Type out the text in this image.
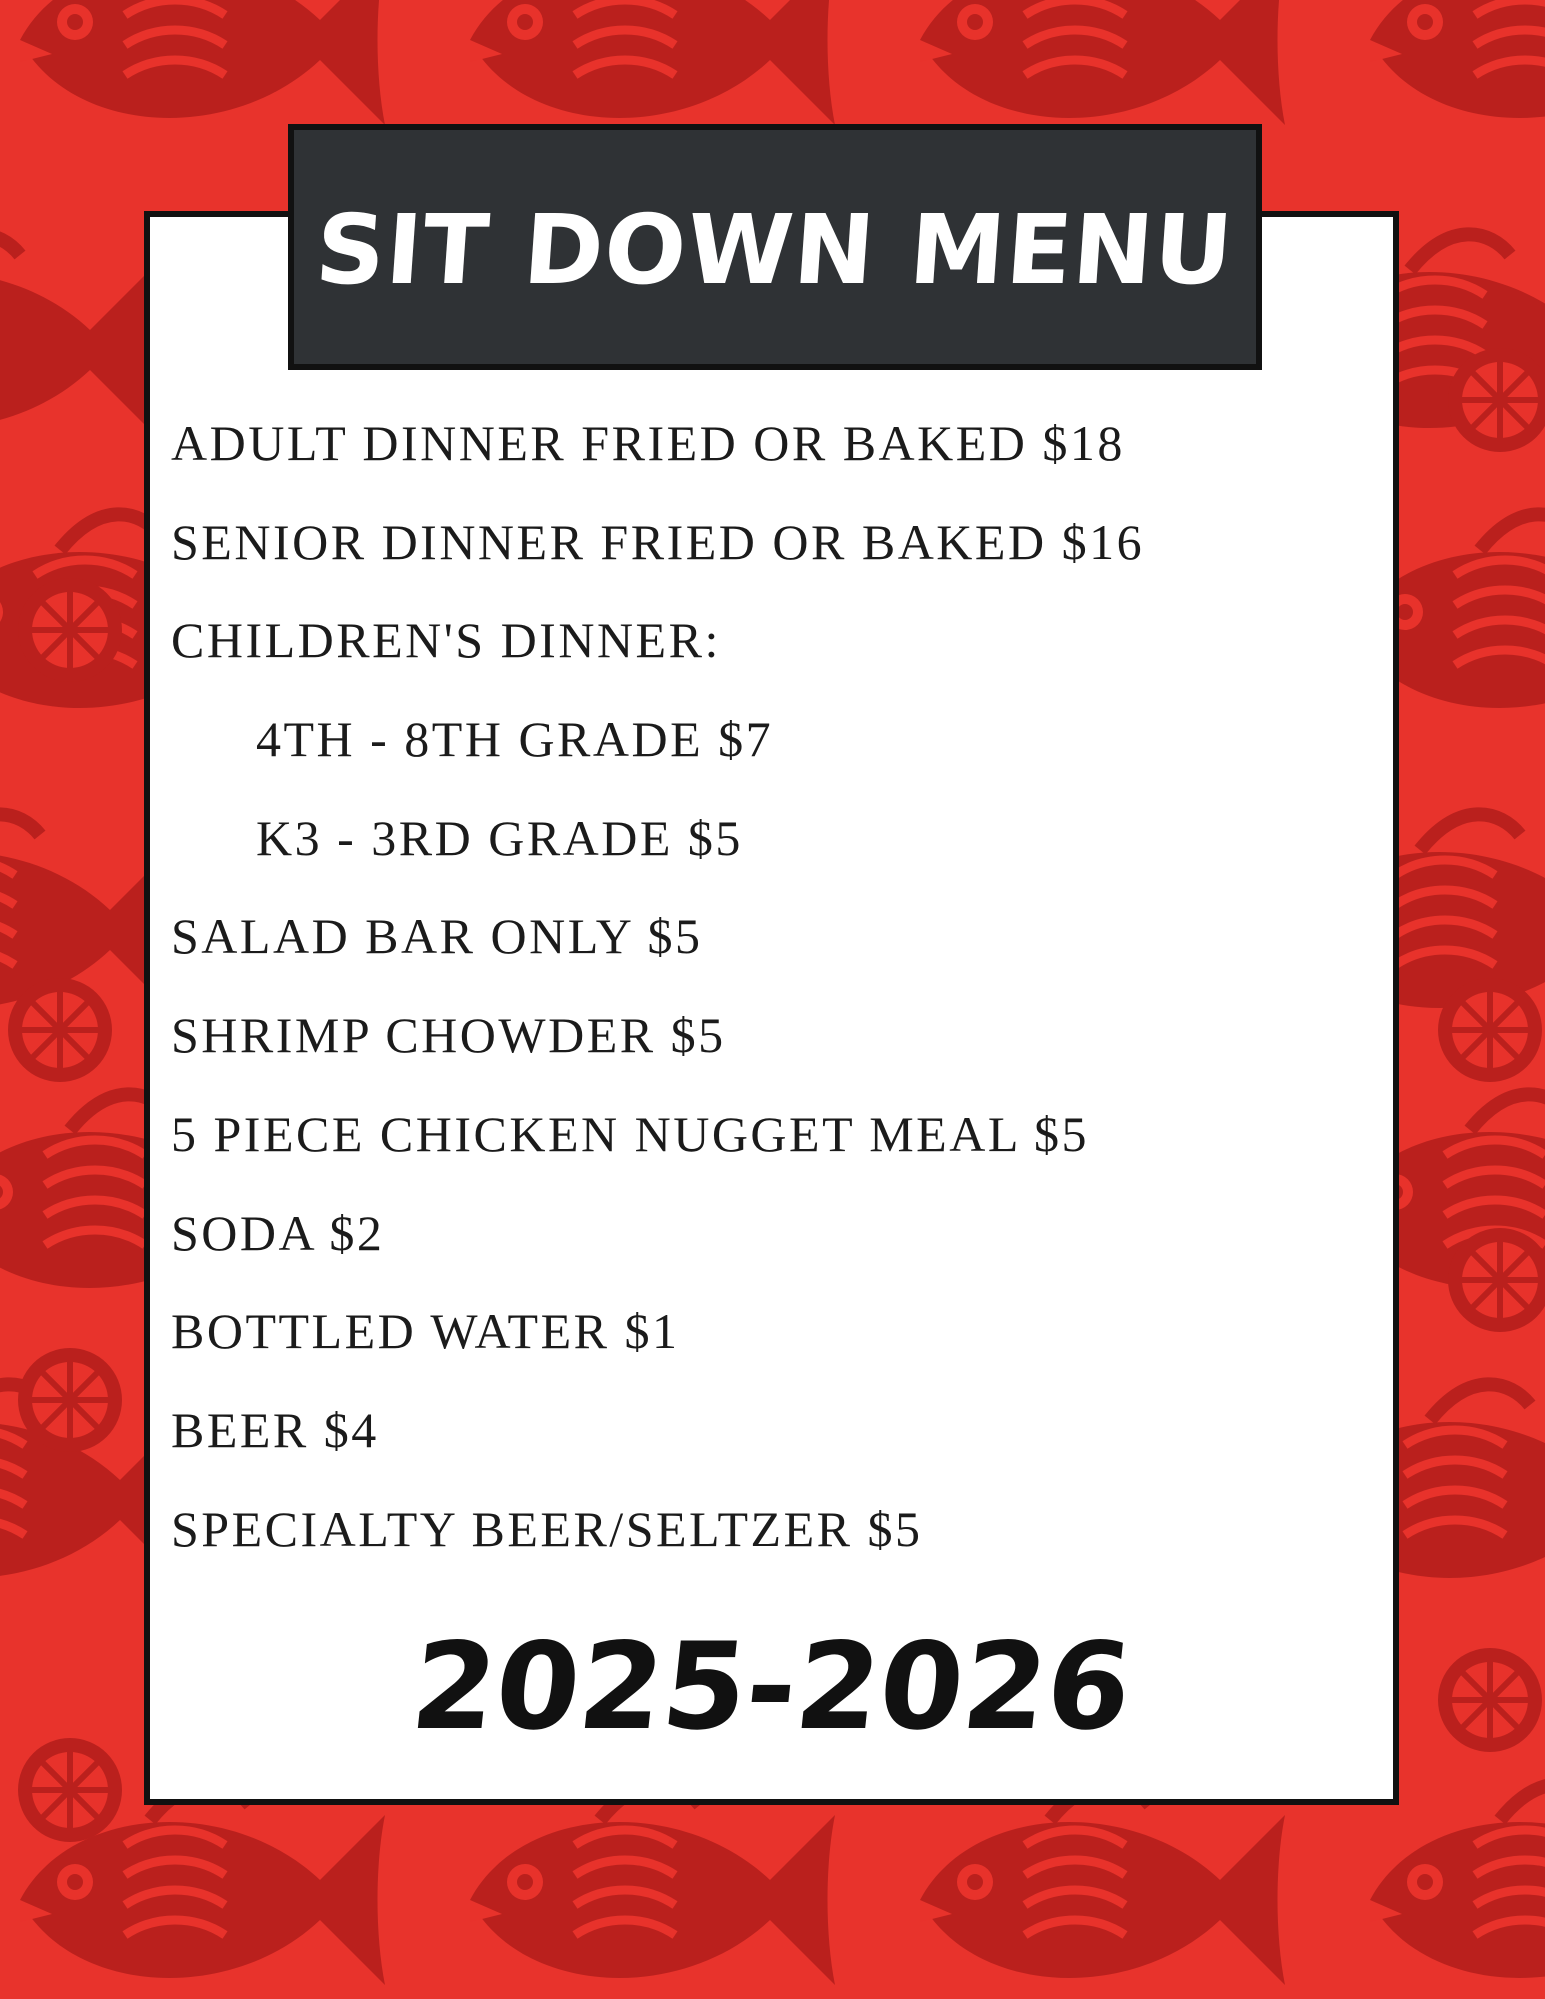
SIT DOWN MENU
ADULT DINNER FRIED OR BAKED $18
SENIOR DINNER FRIED OR BAKED $16
CHILDREN'S DINNER:
4TH - 8TH GRADE $7
K3 - 3RD GRADE $5
SALAD BAR ONLY $5
SHRIMP CHOWDER $5
5 PIECE CHICKEN NUGGET MEAL $5
SODA $2
BOTTLED WATER $1
BEER $4
SPECIALTY BEER/SELTZER $5
2025-2026
